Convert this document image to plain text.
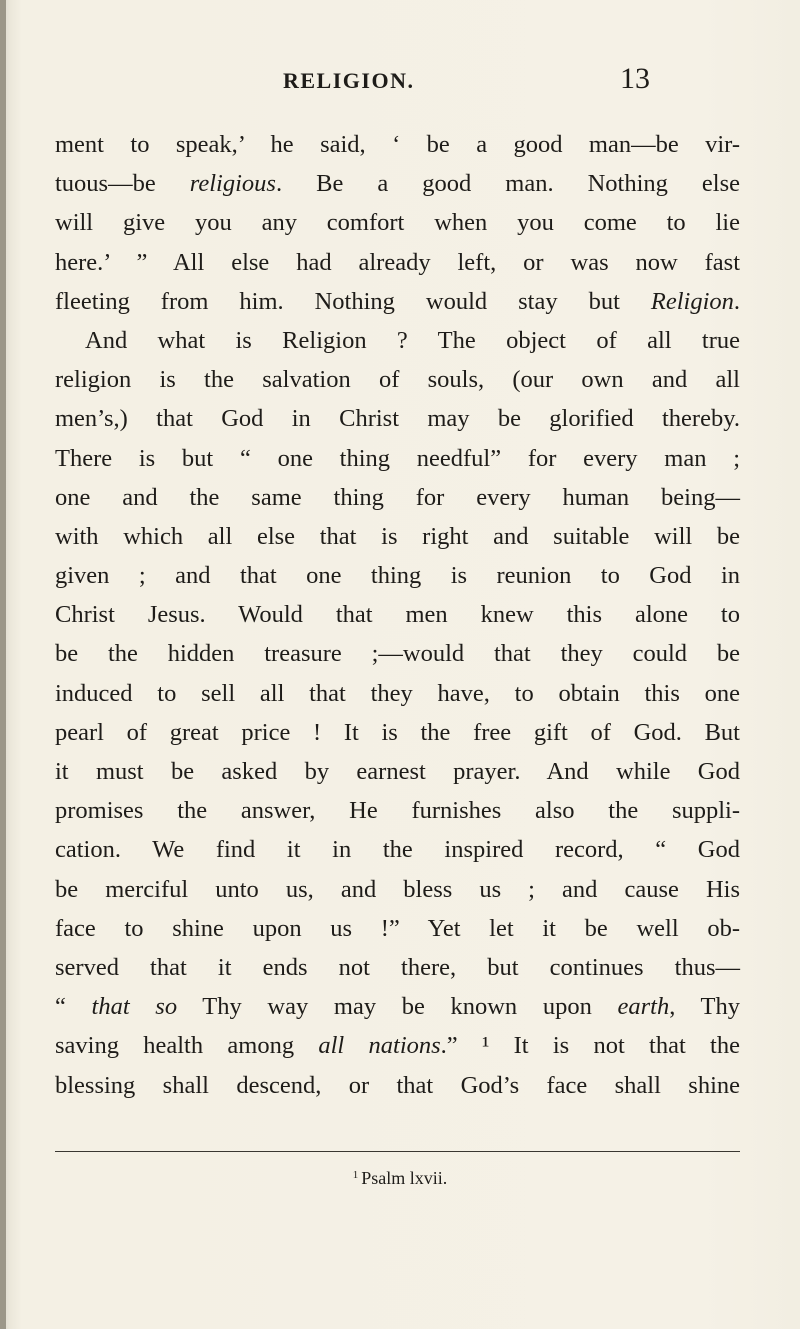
RELIGION.	13
ment to speak,’ he said, ‘ be a good man—be vir-
tuous—be religious. Be a good man. Nothing else
will give you any comfort when you come to lie
here.’ ” All else had already left, or was now fast
fleeting from him. Nothing would stay but Religion.
And what is Religion ? The object of all true
religion is the salvation of souls, (our own and all
men’s,) that God in Christ may be glorified thereby.
There is but “ one thing needful” for every man ;
one and the same thing for every human being—
with which all else that is right and suitable will be
given ; and that one thing is reunion to God in
Christ Jesus. Would that men knew this alone to
be the hidden treasure ;—would that they could be
induced to sell all that they have, to obtain this one
pearl of great price ! It is the free gift of God. But
it must be asked by earnest prayer. And while God
promises the answer, He furnishes also the suppli-
cation. We find it in the inspired record, “ God
be merciful unto us, and bless us ; and cause His
face to shine upon us !” Yet let it be well ob-
served that it ends not there, but continues thus—
“ that so Thy way may be known upon earth, Thy
saving health among all nations.” ¹ It is not that the
blessing shall descend, or that God’s face shall shine
$^1$ Psalm lxvii.
